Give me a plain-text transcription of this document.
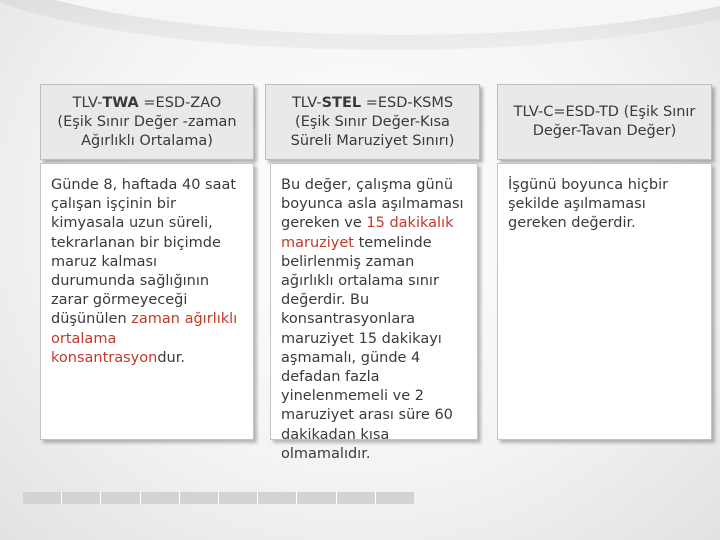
TLV-TWA =ESD-ZAO
(Eşik Sınır Değer -zaman
Ağırlıklı Ortalama)
Günde 8, haftada 40 saat çalışan işçinin bir kimyasala uzun süreli, tekrarlanan bir biçimde maruz kalması durumunda sağlığının zarar görmeyeceği düşünülen zaman ağırlıklı ortalama konsantrasyondur.
TLV-STEL =ESD-KSMS
(Eşik Sınır Değer-Kısa
Süreli Maruziyet Sınırı)
Bu değer, çalışma günü boyunca asla aşılmaması gereken ve 15 dakikalık maruziyet temelinde belirlenmiş zaman ağırlıklı ortalama sınır değerdir. Bu konsantrasyonlara maruziyet 15 dakikayı aşmamalı, günde 4 defadan fazla yinelenmemeli ve 2 maruziyet arası süre 60 dakikadan kısa olmamalıdır.
TLV-C=ESD-TD (Eşik Sınır
Değer-Tavan Değer)
İşgünü boyunca hiçbir şekilde aşılmaması gereken değerdir.
